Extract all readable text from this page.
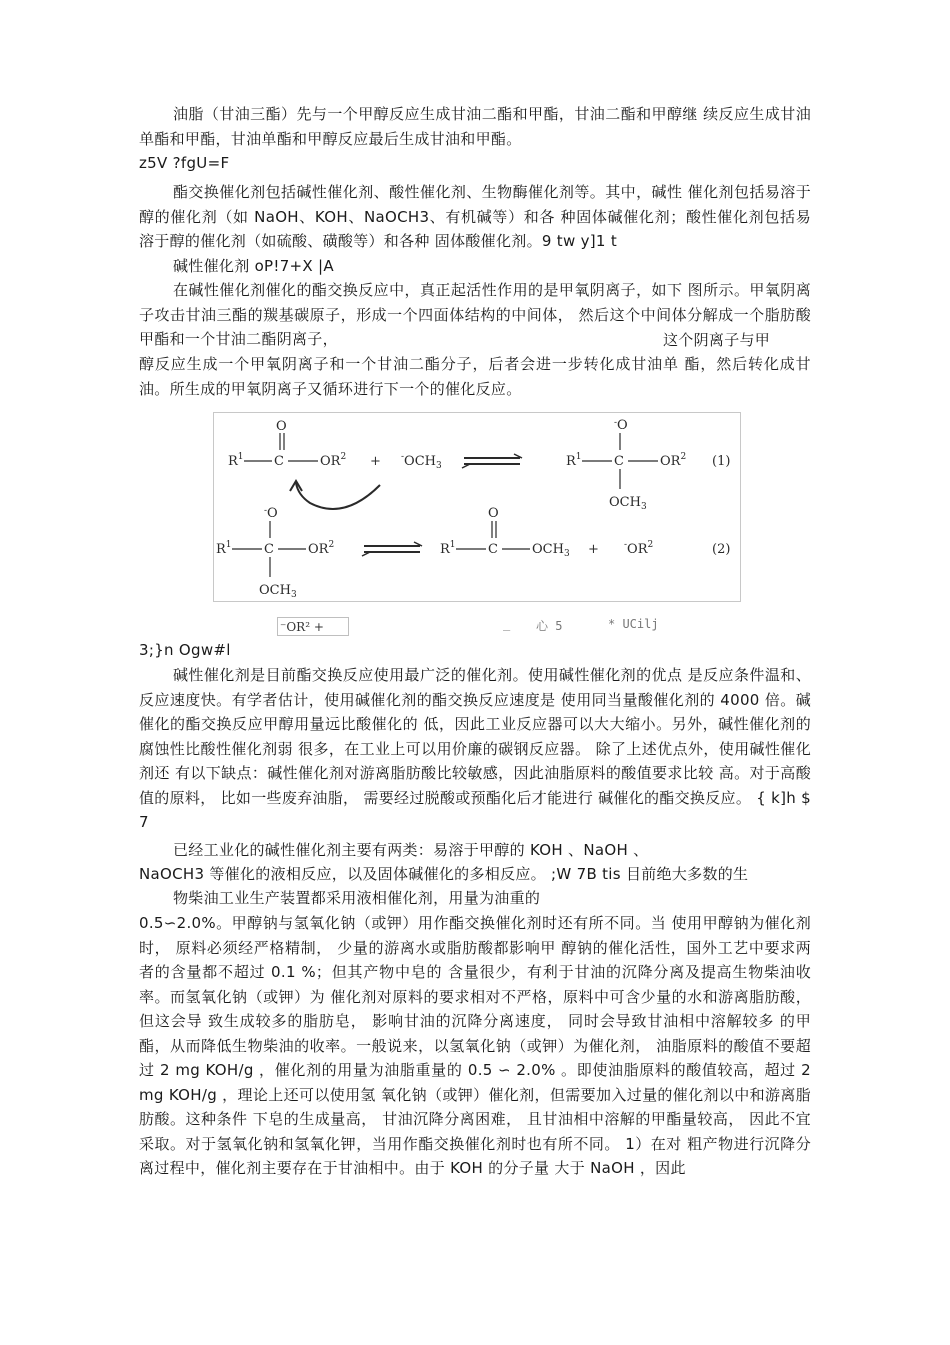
油脂（甘油三酯）先与一个甲醇反应生成甘油二酯和甲酯，甘油二酯和甲醇继 续反应生成甘油单酯和甲酯，甘油单酯和甲醇反应最后生成甘油和甲酯。

z5V ?fgU=F

酯交换催化剂包括碱性催化剂、酸性催化剂、生物酶催化剂等。其中，碱性 催化剂包括易溶于醇的催化剂（如 NaOH、KOH、NaOCH3、有机碱等）和各 种固体碱催化剂；酸性催化剂包括易溶于醇的催化剂（如硫酸、磺酸等）和各种 固体酸催化剂。9 tw y]1 t

碱性催化剂 oP!7+X |A

在碱性催化剂催化的酯交换反应中，真正起活性作用的是甲氧阴离子，如下 图所示。甲氧阴离子攻击甘油三酯的羰基碳原子，形成一个四面体结构的中间体， 然后这个中间体分解成一个脂肪酸甲酯和一个甘油二酯阴离子，	这个阴离子与甲

醇反应生成一个甲氧阴离子和一个甘油二酯分子，后者会进一步转化成甘油单 酯，然后转化成甘油。所生成的甲氧阴离子又循环进行下一个的催化反应。

$R^1$ C
O
$OR^2 + ^-OCH_3$	$R^1$ C
-O
$OR^2$
$OCH_3$
(1)
$R^1$ C
-O
$OR^2$
$OCH_3$
$R^1$ C
O
$OCH_3$ +	$^-OR^2$	(2)
⁻OR² +	_ 心 5	* UCilj
3;}n Ogw#l

碱性催化剂是目前酯交换反应使用最广泛的催化剂。使用碱性催化剂的优点 是反应条件温和、反应速度快。有学者估计，使用碱催化剂的酯交换反应速度是 使用同当量酸催化剂的 4000 倍。碱催化的酯交换反应甲醇用量远比酸催化的 低，因此工业反应器可以大大缩小。另外，碱性催化剂的腐蚀性比酸性催化剂弱 很多，在工业上可以用价廉的碳钢反应器。 除了上述优点外，使用碱性催化剂还 有以下缺点：碱性催化剂对游离脂肪酸比较敏感，因此油脂原料的酸值要求比较 高。对于高酸值的原料， 比如一些废弃油脂， 需要经过脱酸或预酯化后才能进行 碱催化的酯交换反应。 { k]h $ 7

已经工业化的碱性催化剂主要有两类：易溶于甲醇的 KOH 、NaOH 、
NaOCH3 等催化的液相反应，以及固体碱催化的多相反应。 ;W 7B tis 目前绝大多数的生
物柴油工业生产装置都采用液相催化剂，用量为油重的

0.5∽2.0%。甲醇钠与氢氧化钠（或钾）用作酯交换催化剂时还有所不同。当 使用甲醇钠为催化剂时， 原料必须经严格精制， 少量的游离水或脂肪酸都影响甲 醇钠的催化活性，国外工艺中要求两者的含量都不超过 0.1 %；但其产物中皂的 含量很少，有利于甘油的沉降分离及提高生物柴油收率。而氢氧化钠（或钾）为 催化剂对原料的要求相对不严格，原料中可含少量的水和游离脂肪酸， 但这会导 致生成较多的脂肪皂， 影响甘油的沉降分离速度， 同时会导致甘油相中溶解较多 的甲酯，从而降低生物柴油的收率。一般说来，以氢氧化钠（或钾）为催化剂， 油脂原料的酸值不要超过 2 mg KOH/g ，催化剂的用量为油脂重量的 0.5 ∽ 2.0% 。即使油脂原料的酸值较高，超过 2 mg KOH/g ，理论上还可以使用氢 氧化钠（或钾）催化剂，但需要加入过量的催化剂以中和游离脂肪酸。这种条件 下皂的生成量高， 甘油沉降分离困难， 且甘油相中溶解的甲酯量较高， 因此不宜 采取。对于氢氧化钠和氢氧化钾，当用作酯交换催化剂时也有所不同。 1）在对 粗产物进行沉降分离过程中，催化剂主要存在于甘油相中。由于 KOH 的分子量 大于 NaOH ，因此
